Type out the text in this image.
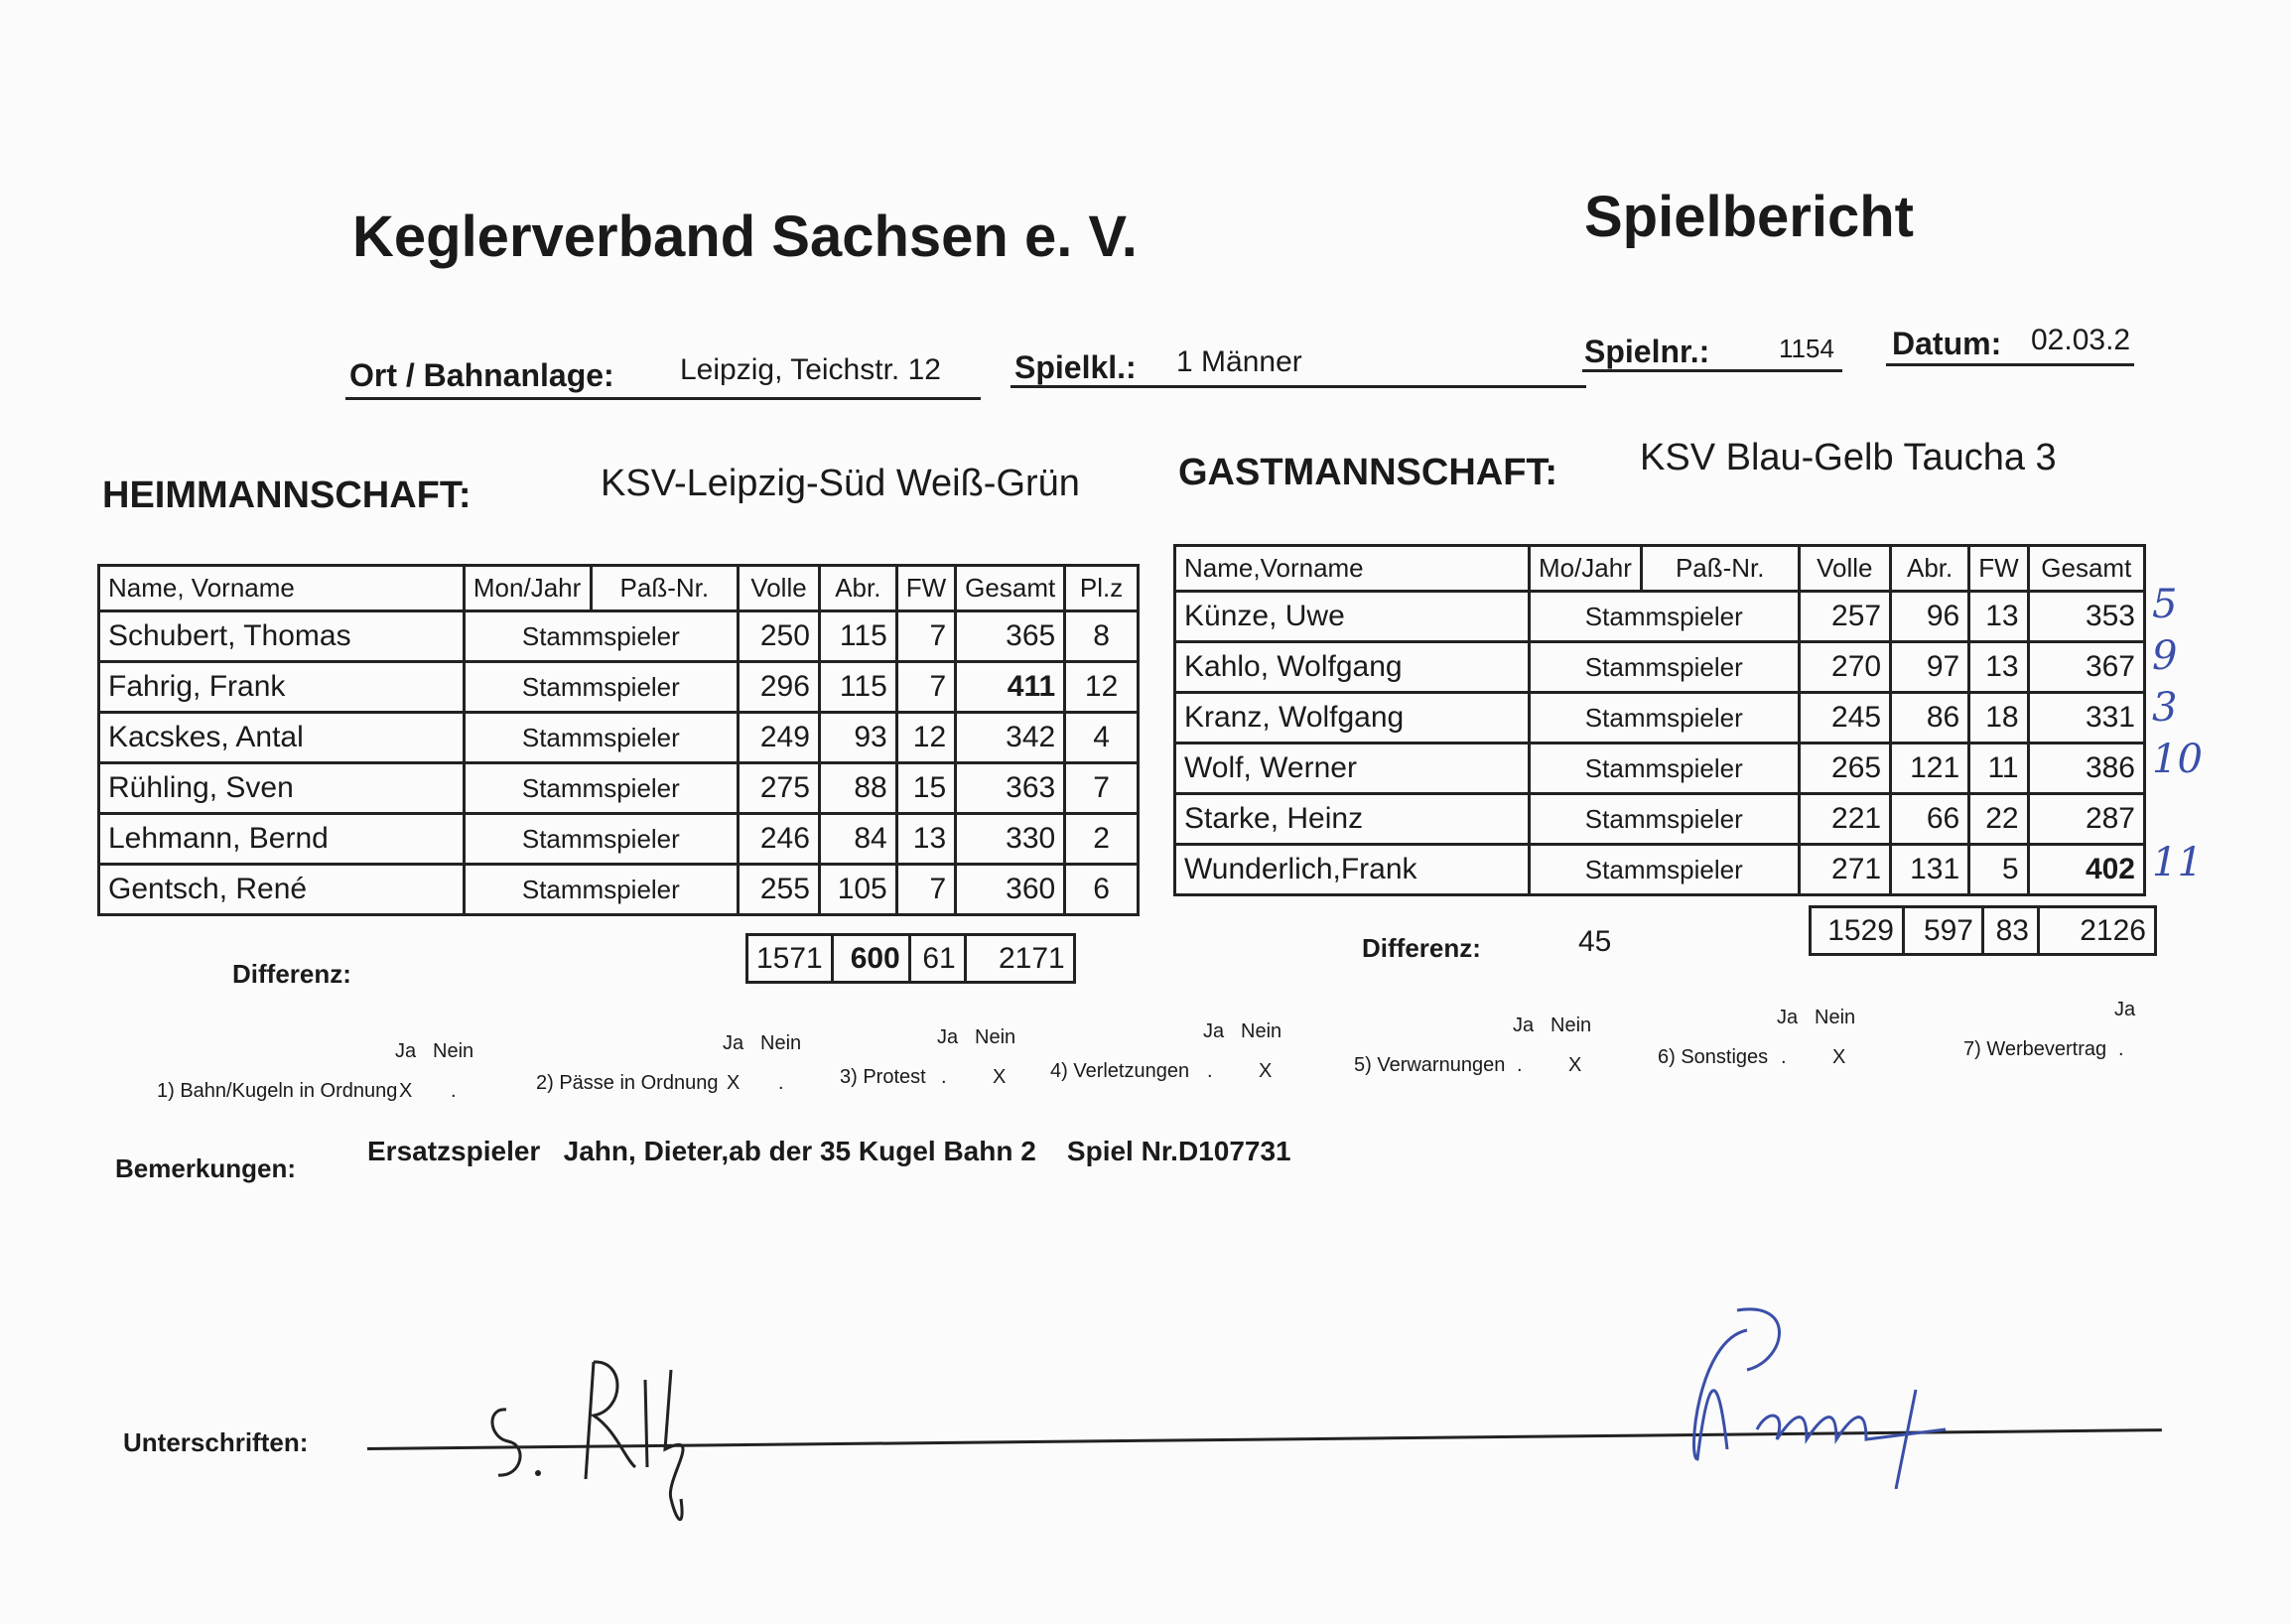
Keglerverband Sachsen e. V.	Spielbericht
Ort / Bahnanlage: Leipzig, Teichstr. 12 Spielkl.: 1 Männer	Spielnr.:	1154 Datum: 02.03.2
HEIMMANNSCHAFT:	KSV-Leipzig-Süd Weiß-Grün	GASTMANNSCHAFT: KSV Blau-Gelb Taucha 3
Name, Vorname	Mon/Jahr	Paß-Nr.	Volle	Abr.	FW	Gesamt	Pl.z
Schubert, Thomas	Stammspieler		250	115	7	365	8
Fahrig, Frank	Stammspieler		296	115	7	411	12
Kacskes, Antal	Stammspieler		249	93	12	342	4
Rühling, Sven	Stammspieler		275	88	15	363	7
Lehmann, Bernd	Stammspieler		246	84	13	330	2
Gentsch, René	Stammspieler		255	105	7	360	6
1571	600	61	2171
Differenz:
Name,Vorname	Mo/Jahr	Paß-Nr.	Volle	Abr.	FW	Gesamt
Künze, Uwe	Stammspieler		257	96	13	353
Kahlo, Wolfgang	Stammspieler		270	97	13	367
Kranz, Wolfgang	Stammspieler		245	86	18	331
Wolf, Werner	Stammspieler		265	121	11	386
Starke, Heinz	Stammspieler		221	66	22	287
Wunderlich,Frank	Stammspieler		271	131	5	402
5
9
3
10
11
1529	597	83	2126
Differenz:	45
1) Bahn/Kugeln in Ordnung
Ja Nein
X .	2) Pässe in Ordnung
Ja Nein
X .	3) Protest
Ja Nein
. X 4) Verletzungen
Ja Nein
. X	5) Verwarnungen
Ja Nein
. X	6) Sonstiges
Ja Nein
. X	7) Werbevertrag
Ja
.
Bemerkungen:
Ersatzspieler   Jahn, Dieter,ab der 35 Kugel Bahn 2    Spiel Nr.D107731
Unterschriften:
